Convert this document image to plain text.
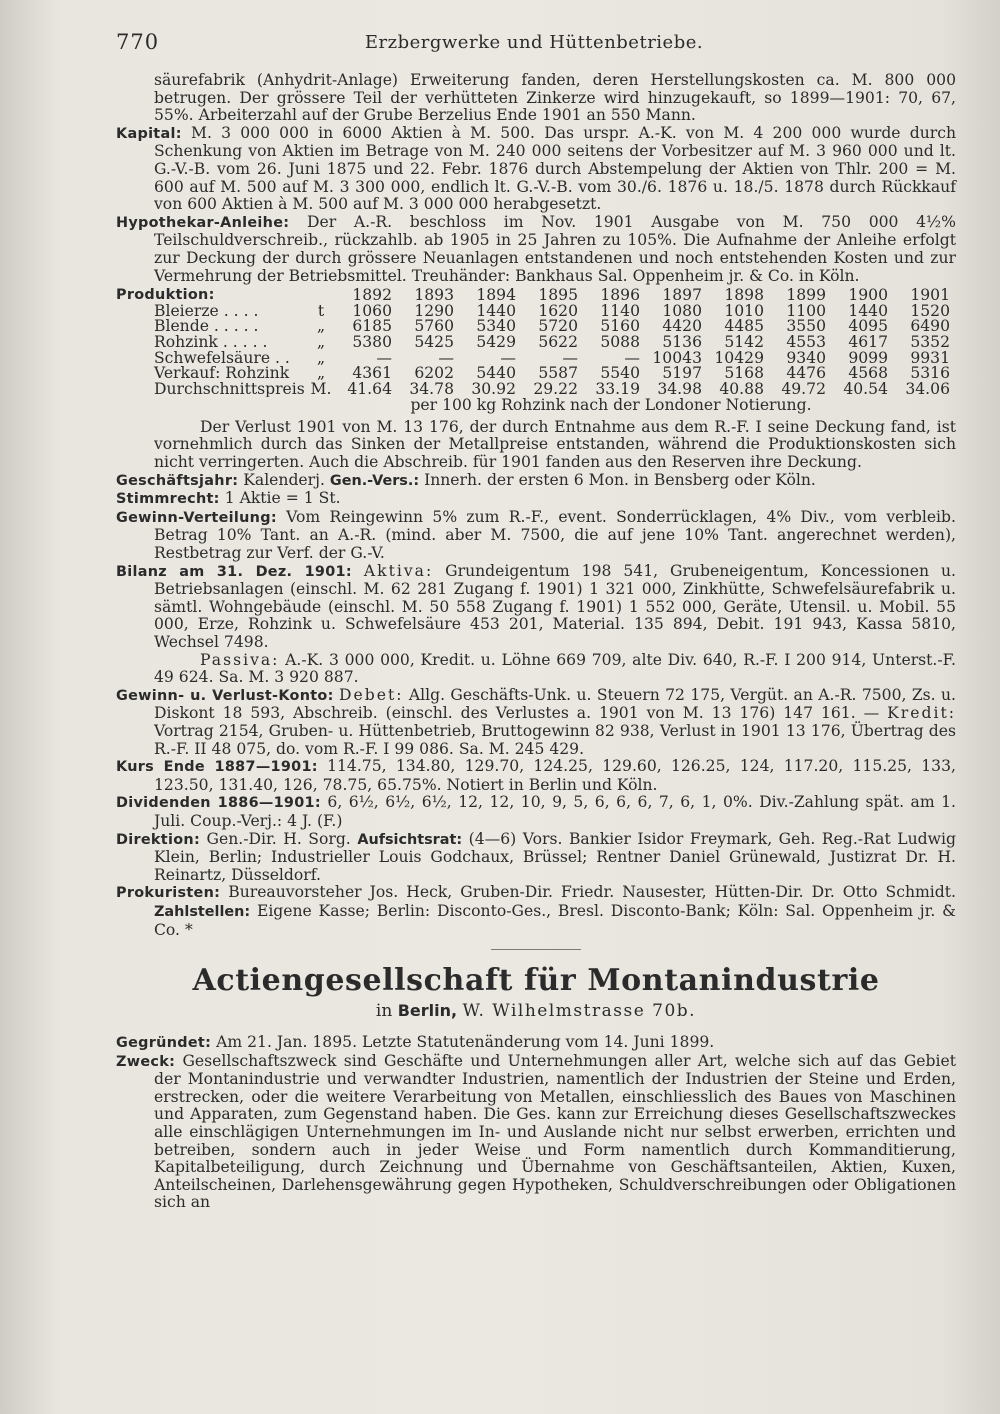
770	Erzbergwerke und Hüttenbetriebe.

säurefabrik (Anhydrit-Anlage) Erweiterung fanden, deren Herstellungskosten ca. M. 800 000 betrugen. Der grössere Teil der verhütteten Zinkerze wird hinzugekauft, so 1899—1901: 70, 67, 55%. Arbeiterzahl auf der Grube Berzelius Ende 1901 an 550 Mann.

Kapital: M. 3 000 000 in 6000 Aktien à M. 500. Das urspr. A.-K. von M. 4 200 000 wurde durch Schenkung von Aktien im Betrage von M. 240 000 seitens der Vorbesitzer auf M. 3 960 000 und lt. G.-V.-B. vom 26. Juni 1875 und 22. Febr. 1876 durch Abstempelung der Aktien von Thlr. 200 = M. 600 auf M. 500 auf M. 3 300 000, endlich lt. G.-V.-B. vom 30./6. 1876 u. 18./5. 1878 durch Rückkauf von 600 Aktien à M. 500 auf M. 3 000 000 herabgesetzt.

Hypothekar-Anleihe: Der A.-R. beschloss im Nov. 1901 Ausgabe von M. 750 000 4½% Teilschuldverschreib., rückzahlb. ab 1905 in 25 Jahren zu 105%. Die Aufnahme der Anleihe erfolgt zur Deckung der durch grössere Neuanlagen entstandenen und noch entstehenden Kosten und zur Vermehrung der Betriebsmittel. Treuhänder: Bankhaus Sal. Oppenheim jr. & Co. in Köln.

Produktion:		1892	1893	1894	1895	1896	1897	1898	1899	1900	1901
Bleierze . . . .	t	1060	1290	1440	1620	1140	1080	1010	1100	1440	1520
Blende . . . . .	„	6185	5760	5340	5720	5160	4420	4485	3550	4095	6490
Rohzink . . . . .	„	5380	5425	5429	5622	5088	5136	5142	4553	4617	5352
Schwefelsäure . .	„	—	—	—	—	—	10043	10429	9340	9099	9931
Verkauf: Rohzink	„	4361	6202	5440	5587	5540	5197	5168	4476	4568	5316
Durchschnittspreis	M.	41.64	34.78	30.92	29.22	33.19	34.98	40.88	49.72	40.54	34.06

per 100 kg Rohzink nach der Londoner Notierung.

Der Verlust 1901 von M. 13 176, der durch Entnahme aus dem R.-F. I seine Deckung fand, ist vornehmlich durch das Sinken der Metallpreise entstanden, während die Produktionskosten sich nicht verringerten. Auch die Abschreib. für 1901 fanden aus den Reserven ihre Deckung.

Geschäftsjahr: Kalenderj. Gen.-Vers.: Innerh. der ersten 6 Mon. in Bensberg oder Köln.

Stimmrecht: 1 Aktie = 1 St.

Gewinn-Verteilung: Vom Reingewinn 5% zum R.-F., event. Sonderrücklagen, 4% Div., vom verbleib. Betrag 10% Tant. an A.-R. (mind. aber M. 7500, die auf jene 10% Tant. angerechnet werden), Restbetrag zur Verf. der G.-V.

Bilanz am 31. Dez. 1901: Aktiva: Grundeigentum 198 541, Grubeneigentum, Koncessionen u. Betriebsanlagen (einschl. M. 62 281 Zugang f. 1901) 1 321 000, Zinkhütte, Schwefelsäurefabrik u. sämtl. Wohngebäude (einschl. M. 50 558 Zugang f. 1901) 1 552 000, Geräte, Utensil. u. Mobil. 55 000, Erze, Rohzink u. Schwefelsäure 453 201, Material. 135 894, Debit. 191 943, Kassa 5810, Wechsel 7498.

Passiva: A.-K. 3 000 000, Kredit. u. Löhne 669 709, alte Div. 640, R.-F. I 200 914, Unterst.-F. 49 624. Sa. M. 3 920 887.

Gewinn- u. Verlust-Konto: Debet: Allg. Geschäfts-Unk. u. Steuern 72 175, Vergüt. an A.-R. 7500, Zs. u. Diskont 18 593, Abschreib. (einschl. des Verlustes a. 1901 von M. 13 176) 147 161. — Kredit: Vortrag 2154, Gruben- u. Hüttenbetrieb, Bruttogewinn 82 938, Verlust in 1901 13 176, Übertrag des R.-F. II 48 075, do. vom R.-F. I 99 086. Sa. M. 245 429.

Kurs Ende 1887—1901: 114.75, 134.80, 129.70, 124.25, 129.60, 126.25, 124, 117.20, 115.25, 133, 123.50, 131.40, 126, 78.75, 65.75%. Notiert in Berlin und Köln.

Dividenden 1886—1901: 6, 6½, 6½, 6½, 12, 12, 10, 9, 5, 6, 6, 6, 7, 6, 1, 0%. Div.-Zahlung spät. am 1. Juli. Coup.-Verj.: 4 J. (F.)

Direktion: Gen.-Dir. H. Sorg. Aufsichtsrat: (4—6) Vors. Bankier Isidor Freymark, Geh. Reg.-Rat Ludwig Klein, Berlin; Industrieller Louis Godchaux, Brüssel; Rentner Daniel Grünewald, Justizrat Dr. H. Reinartz, Düsseldorf.

Prokuristen: Bureauvorsteher Jos. Heck, Gruben-Dir. Friedr. Nausester, Hütten-Dir. Dr. Otto Schmidt. Zahlstellen: Eigene Kasse; Berlin: Disconto-Ges., Bresl. Disconto-Bank; Köln: Sal. Oppenheim jr. & Co. *

Actiengesellschaft für Montanindustrie

in Berlin, W. Wilhelmstrasse 70b.

Gegründet: Am 21. Jan. 1895. Letzte Statutenänderung vom 14. Juni 1899.

Zweck: Gesellschaftszweck sind Geschäfte und Unternehmungen aller Art, welche sich auf das Gebiet der Montanindustrie und verwandter Industrien, namentlich der Industrien der Steine und Erden, erstrecken, oder die weitere Verarbeitung von Metallen, einschliesslich des Baues von Maschinen und Apparaten, zum Gegenstand haben. Die Ges. kann zur Erreichung dieses Gesellschaftszweckes alle einschlägigen Unternehmungen im In- und Auslande nicht nur selbst erwerben, errichten und betreiben, sondern auch in jeder Weise und Form namentlich durch Kommanditierung, Kapitalbeteiligung, durch Zeichnung und Übernahme von Geschäftsanteilen, Aktien, Kuxen, Anteilscheinen, Darlehensgewährung gegen Hypotheken, Schuldverschreibungen oder Obligationen sich an
